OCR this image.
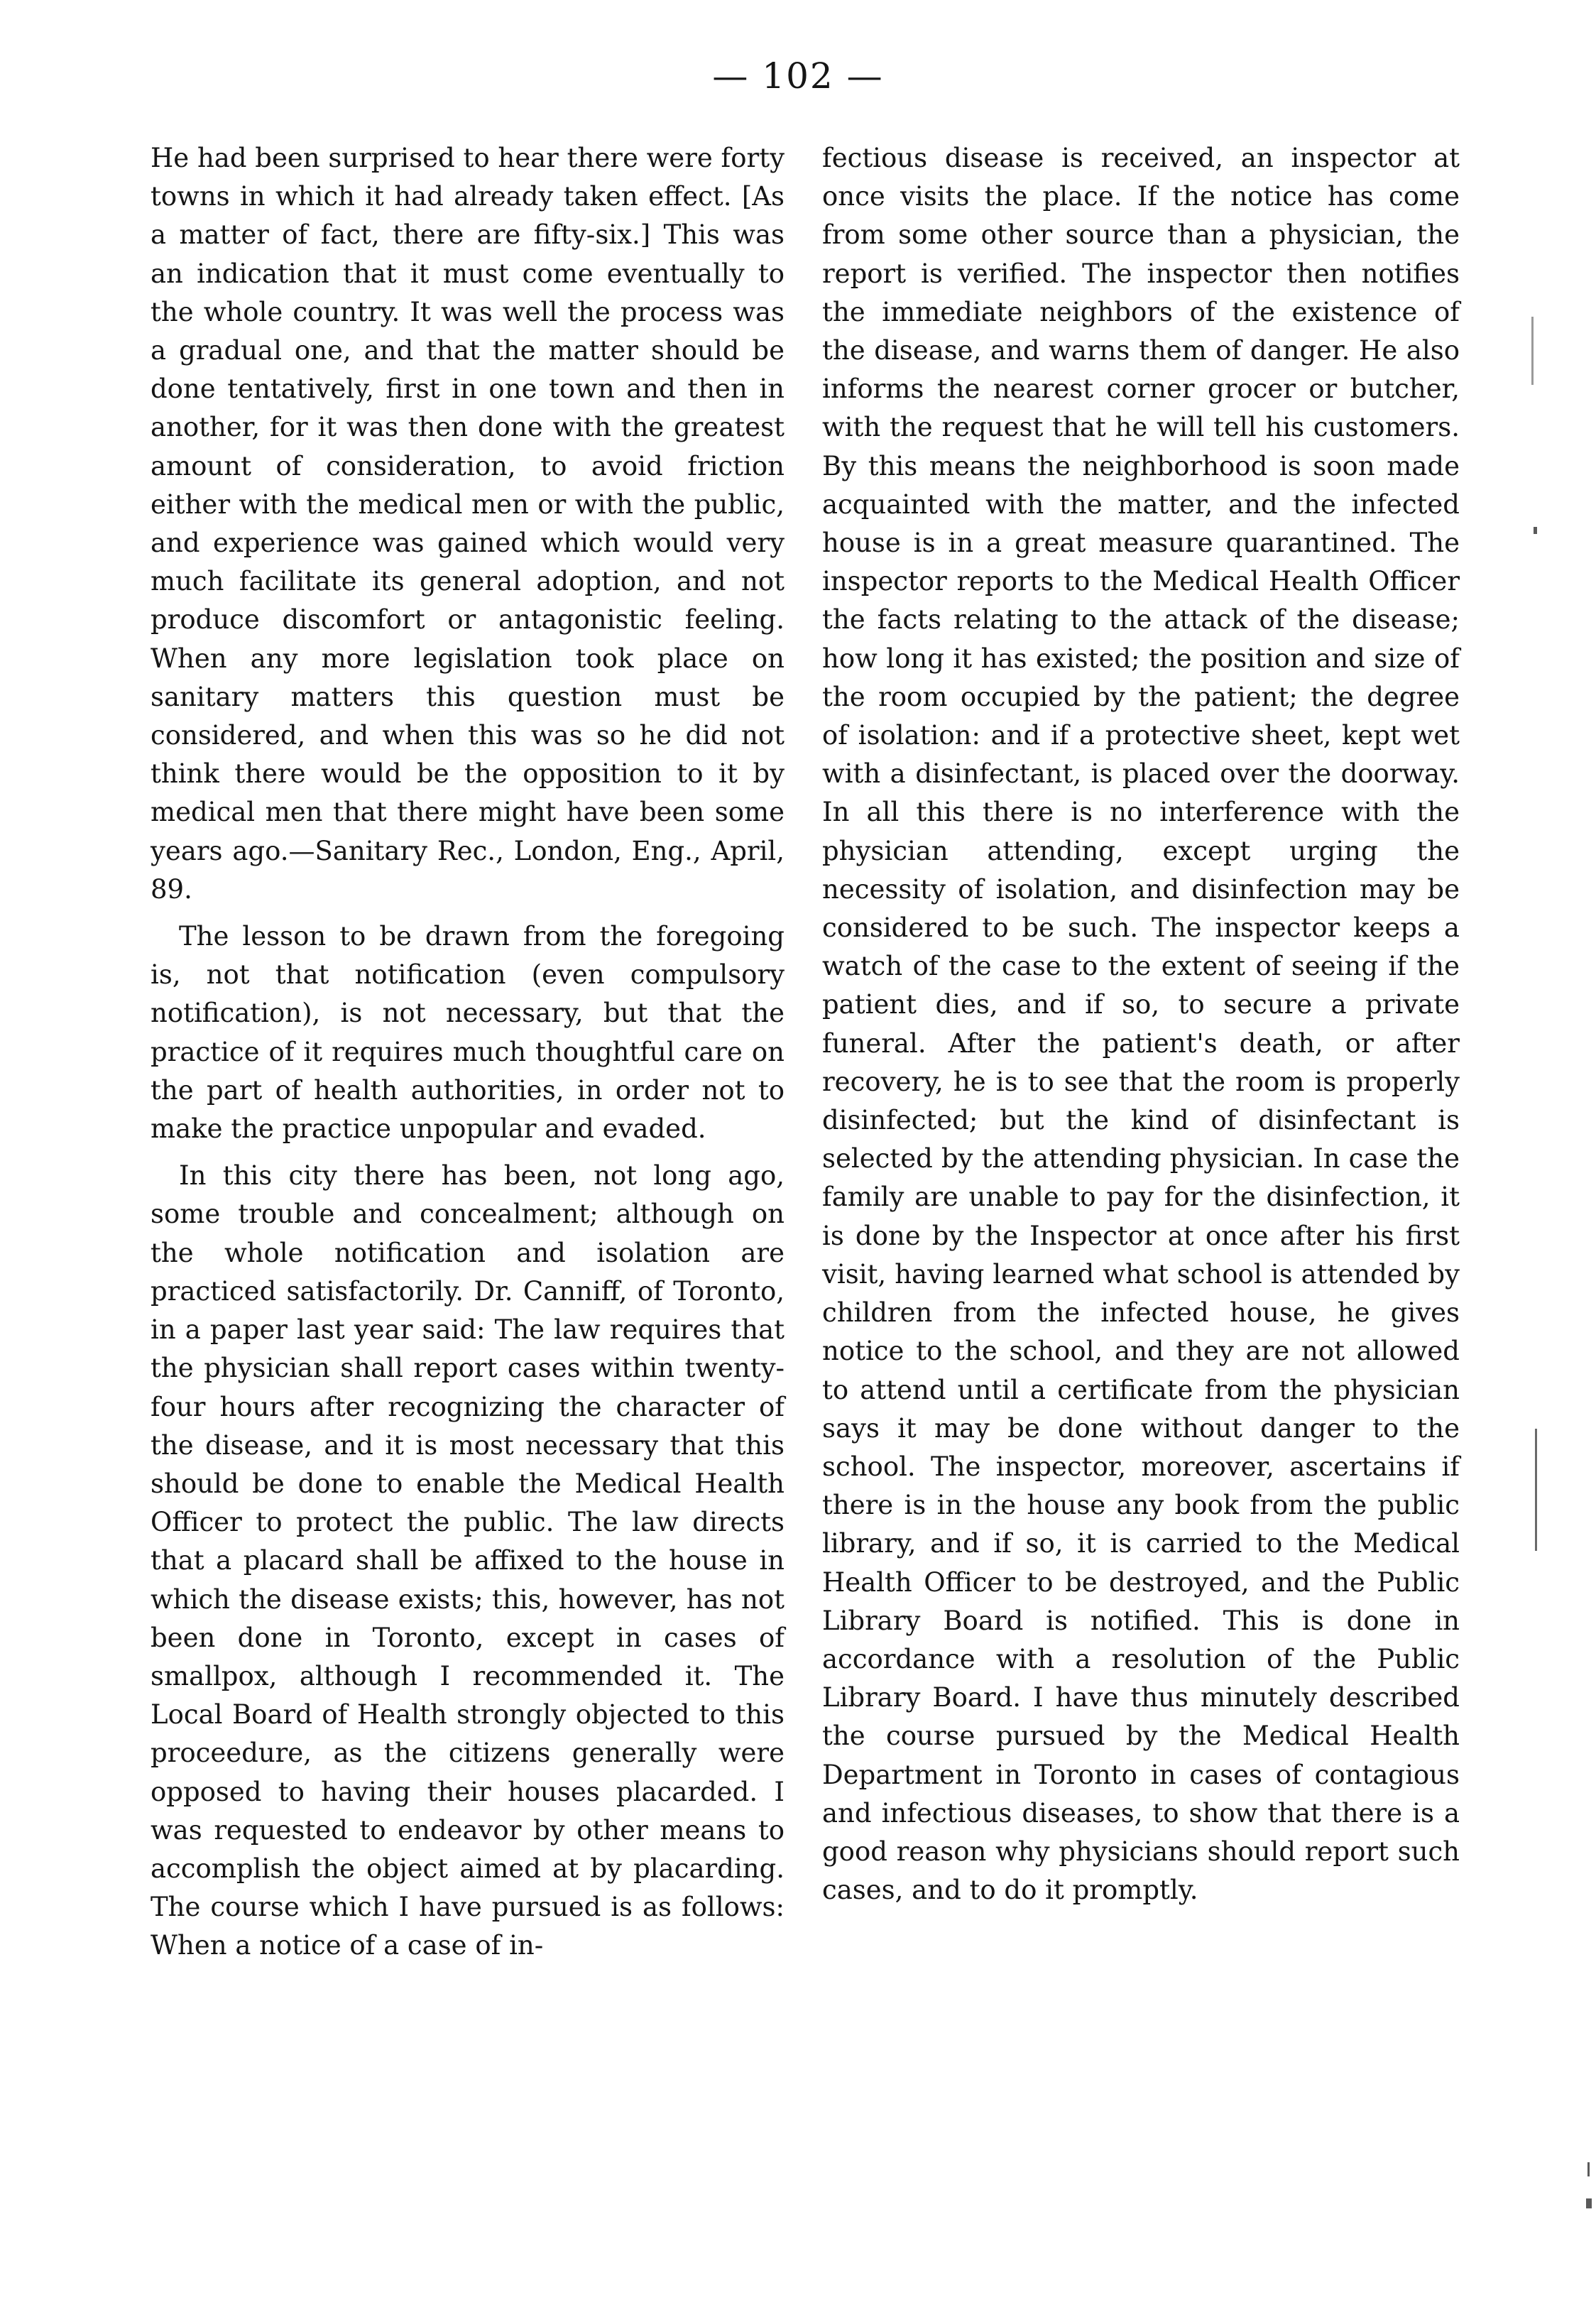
— 102 —

He had been surprised to hear there were forty towns in which it had already taken effect. [As a matter of fact, there are fifty-six.] This was an indication that it must come eventually to the whole country. It was well the process was a gradual one, and that the matter should be done tentatively, first in one town and then in another, for it was then done with the greatest amount of consideration, to avoid friction either with the medical men or with the public, and experience was gained which would very much facilitate its general adoption, and not produce discomfort or antagonistic feeling. When any more legislation took place on sanitary matters this question must be considered, and when this was so he did not think there would be the opposition to it by medical men that there might have been some years ago.—Sanitary Rec., London, Eng., April, 89.

The lesson to be drawn from the foregoing is, not that notification (even compulsory notification), is not necessary, but that the practice of it requires much thoughtful care on the part of health authorities, in order not to make the practice unpopular and evaded.

In this city there has been, not long ago, some trouble and concealment; although on the whole notification and isolation are practiced satisfactorily. Dr. Canniff, of Toronto, in a paper last year said: The law requires that the physician shall report cases within twenty-four hours after recognizing the character of the disease, and it is most necessary that this should be done to enable the Medical Health Officer to protect the public. The law directs that a placard shall be affixed to the house in which the disease exists; this, however, has not been done in Toronto, except in cases of smallpox, although I recommended it. The Local Board of Health strongly objected to this proceedure, as the citizens generally were opposed to having their houses placarded. I was requested to endeavor by other means to accomplish the object aimed at by placarding. The course which I have pursued is as follows: When a notice of a case of in-

fectious disease is received, an inspector at once visits the place. If the notice has come from some other source than a physician, the report is verified. The inspector then notifies the immediate neighbors of the existence of the disease, and warns them of danger. He also informs the nearest corner grocer or butcher, with the request that he will tell his customers. By this means the neighborhood is soon made acquainted with the matter, and the infected house is in a great measure quarantined. The inspector reports to the Medical Health Officer the facts relating to the attack of the disease; how long it has existed; the position and size of the room occupied by the patient; the degree of isolation: and if a protective sheet, kept wet with a disinfectant, is placed over the doorway. In all this there is no interference with the physician attending, except urging the necessity of isolation, and disinfection may be considered to be such. The inspector keeps a watch of the case to the extent of seeing if the patient dies, and if so, to secure a private funeral. After the patient's death, or after recovery, he is to see that the room is properly disinfected; but the kind of disinfectant is selected by the attending physician. In case the family are unable to pay for the disinfection, it is done by the Inspector at once after his first visit, having learned what school is attended by children from the infected house, he gives notice to the school, and they are not allowed to attend until a certificate from the physician says it may be done without danger to the school. The inspector, moreover, ascertains if there is in the house any book from the public library, and if so, it is carried to the Medical Health Officer to be destroyed, and the Public Library Board is notified. This is done in accordance with a resolution of the Public Library Board. I have thus minutely described the course pursued by the Medical Health Department in Toronto in cases of contagious and infectious diseases, to show that there is a good reason why physicians should report such cases, and to do it promptly.
